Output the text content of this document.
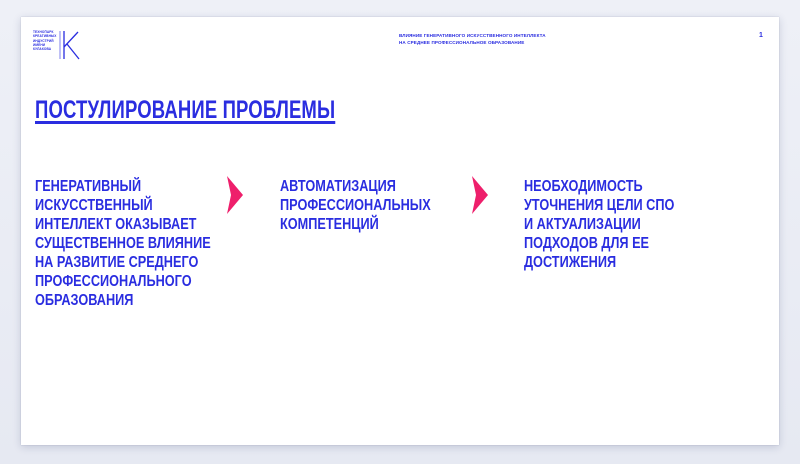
ТЕХНОПАРК
КРЕАТИВНЫХ
ИНДУСТРИЙ
ИМЕНИ
КУЛАКОВА
ВЛИЯНИЕ ГЕНЕРАТИВНОГО ИСКУССТВЕННОГО ИНТЕЛЛЕКТА
НА СРЕДНЕЕ ПРОФЕССИОНАЛЬНОЕ ОБРАЗОВАНИЕ
1
ПОСТУЛИРОВАНИЕ ПРОБЛЕМЫ
ГЕНЕРАТИВНЫЙ
ИСКУССТВЕННЫЙ
ИНТЕЛЛЕКТ ОКАЗЫВАЕТ
СУЩЕСТВЕННОЕ ВЛИЯНИЕ
НА РАЗВИТИЕ СРЕДНЕГО
ПРОФЕССИОНАЛЬНОГО
ОБРАЗОВАНИЯ
АВТОМАТИЗАЦИЯ
ПРОФЕССИОНАЛЬНЫХ
КОМПЕТЕНЦИЙ
НЕОБХОДИМОСТЬ
УТОЧНЕНИЯ ЦЕЛИ СПО
И АКТУАЛИЗАЦИИ
ПОДХОДОВ ДЛЯ ЕЕ
ДОСТИЖЕНИЯ
